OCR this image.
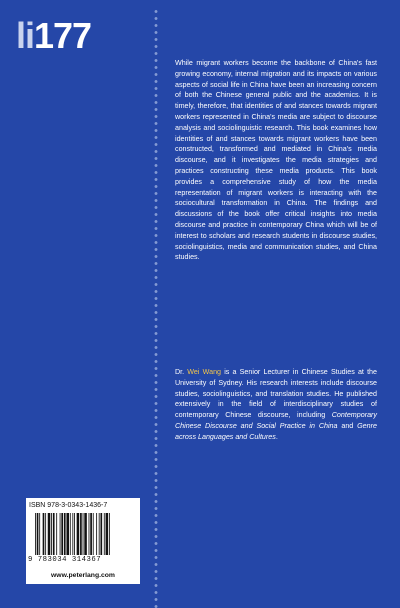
li177
While migrant workers become the backbone of China's fast growing economy, internal migration and its impacts on various aspects of social life in China have been an increasing concern of both the Chinese general public and the academics. It is timely, therefore, that identities of and stances towards migrant workers represented in China's media are subject to discourse analysis and sociolinguistic research. This book examines how identities of and stances towards migrant workers have been constructed, transformed and mediated in China's media discourse, and it investigates the media strategies and practices constructing these media products. This book provides a comprehensive study of how the media representation of migrant workers is interacting with the sociocultural transformation in China. The findings and discussions of the book offer critical insights into media discourse and practice in contemporary China which will be of interest to scholars and research students in discourse studies, sociolinguistics, media and communication studies, and China studies.
Dr. Wei Wang is a Senior Lecturer in Chinese Studies at the University of Sydney. His research interests include discourse studies, sociolinguistics, and translation studies. He published extensively in the field of interdisciplinary studies of contemporary Chinese discourse, including Contemporary Chinese Discourse and Social Practice in China and Genre across Languages and Cultures.
ISBN 978-3-0343-1436-7
9 783034 314367
www.peterlang.com
